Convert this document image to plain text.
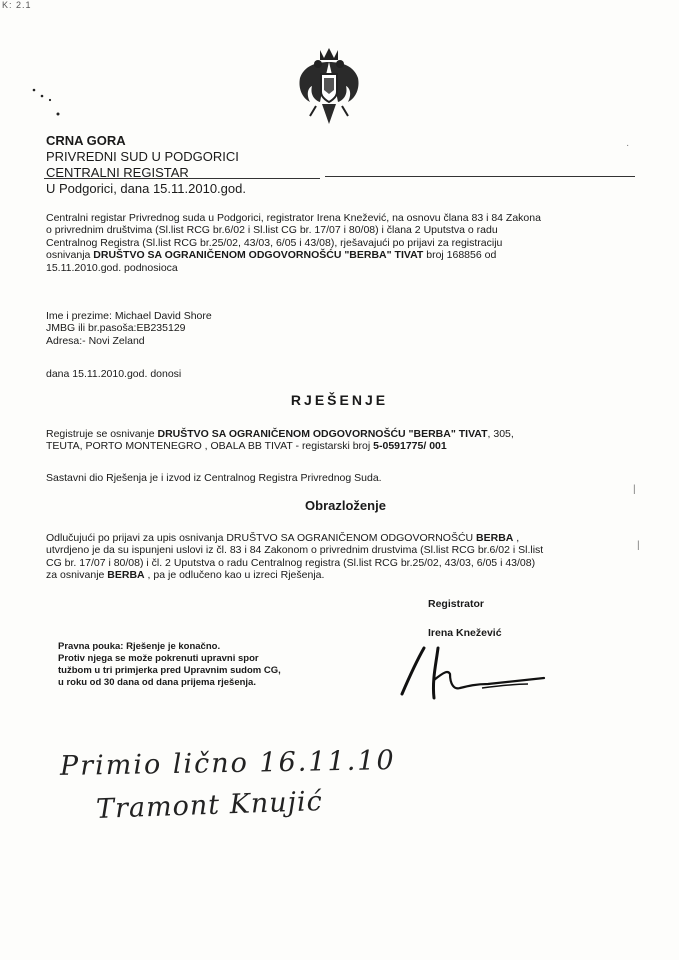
K: 2.1
CRNA GORA
PRIVREDNI SUD U PODGORICI
CENTRALNI REGISTAR
U Podgorici, dana 15.11.2010.god.
Centralni registar Privrednog suda u Podgorici, registrator Irena Knežević, na osnovu člana 83 i 84 Zakona
o privrednim društvima (Sl.list RCG br.6/02 i Sl.list CG br. 17/07 i 80/08) i člana 2 Uputstva o radu
Centralnog Registra (Sl.list RCG br.25/02, 43/03, 6/05 i 43/08), rješavajući po prijavi za registraciju
osnivanja DRUŠTVO SA OGRANIČENOM ODGOVORNOŠĆU "BERBA" TIVAT broj 168856 od
15.11.2010.god. podnosioca
Ime i prezime: Michael David Shore
JMBG ili br.pasoša:EB235129
Adresa:- Novi Zeland
dana 15.11.2010.god. donosi
RJEŠENJE
Registruje se osnivanje DRUŠTVO SA OGRANIČENOM ODGOVORNOŠĆU "BERBA" TIVAT, 305,
TEUTA, PORTO MONTENEGRO , OBALA BB TIVAT - registarski broj 5-0591775/ 001
Sastavni dio Rješenja je i izvod iz Centralnog Registra Privrednog Suda.
Obrazloženje
Odlučujući po prijavi za upis osnivanja DRUŠTVO SA OGRANIČENOM ODGOVORNOŠĆU BERBA ,
utvrdjeno je da su ispunjeni uslovi iz čl. 83 i 84 Zakonom o privrednim drustvima (Sl.list RCG br.6/02 i Sl.list
CG br. 17/07 i 80/08) i čl. 2 Uputstva o radu Centralnog registra (Sl.list RCG br.25/02, 43/03, 6/05 i 43/08)
za osnivanje BERBA , pa je odlučeno kao u izreci Rješenja.
Registrator
Irena Knežević
Pravna pouka: Rješenje je konačno.
Protiv njega se može pokrenuti upravni spor
tužbom u tri primjerka pred Upravnim sudom CG,
u roku od 30 dana od dana prijema rješenja.
Primio lično 16.11.10
Tramont Knujić
·
|
|
